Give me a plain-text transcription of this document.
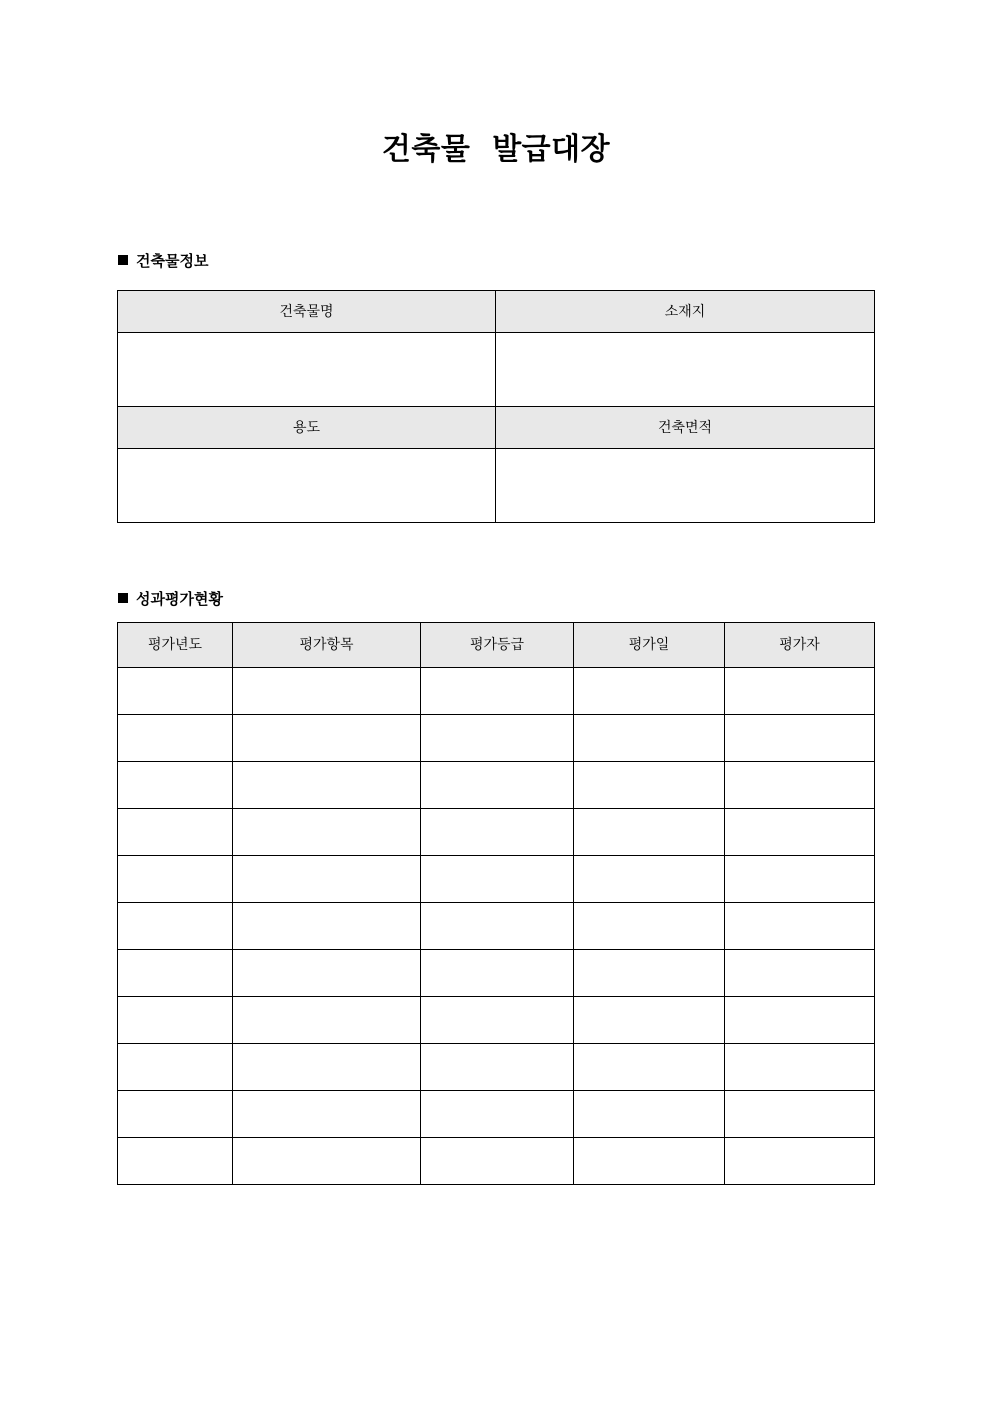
건축물  발급대장
건축물정보
건축물명	소재지

용도	건축면적

성과평가현황
평가년도	평가항목	평가등급	평가일	평가자
